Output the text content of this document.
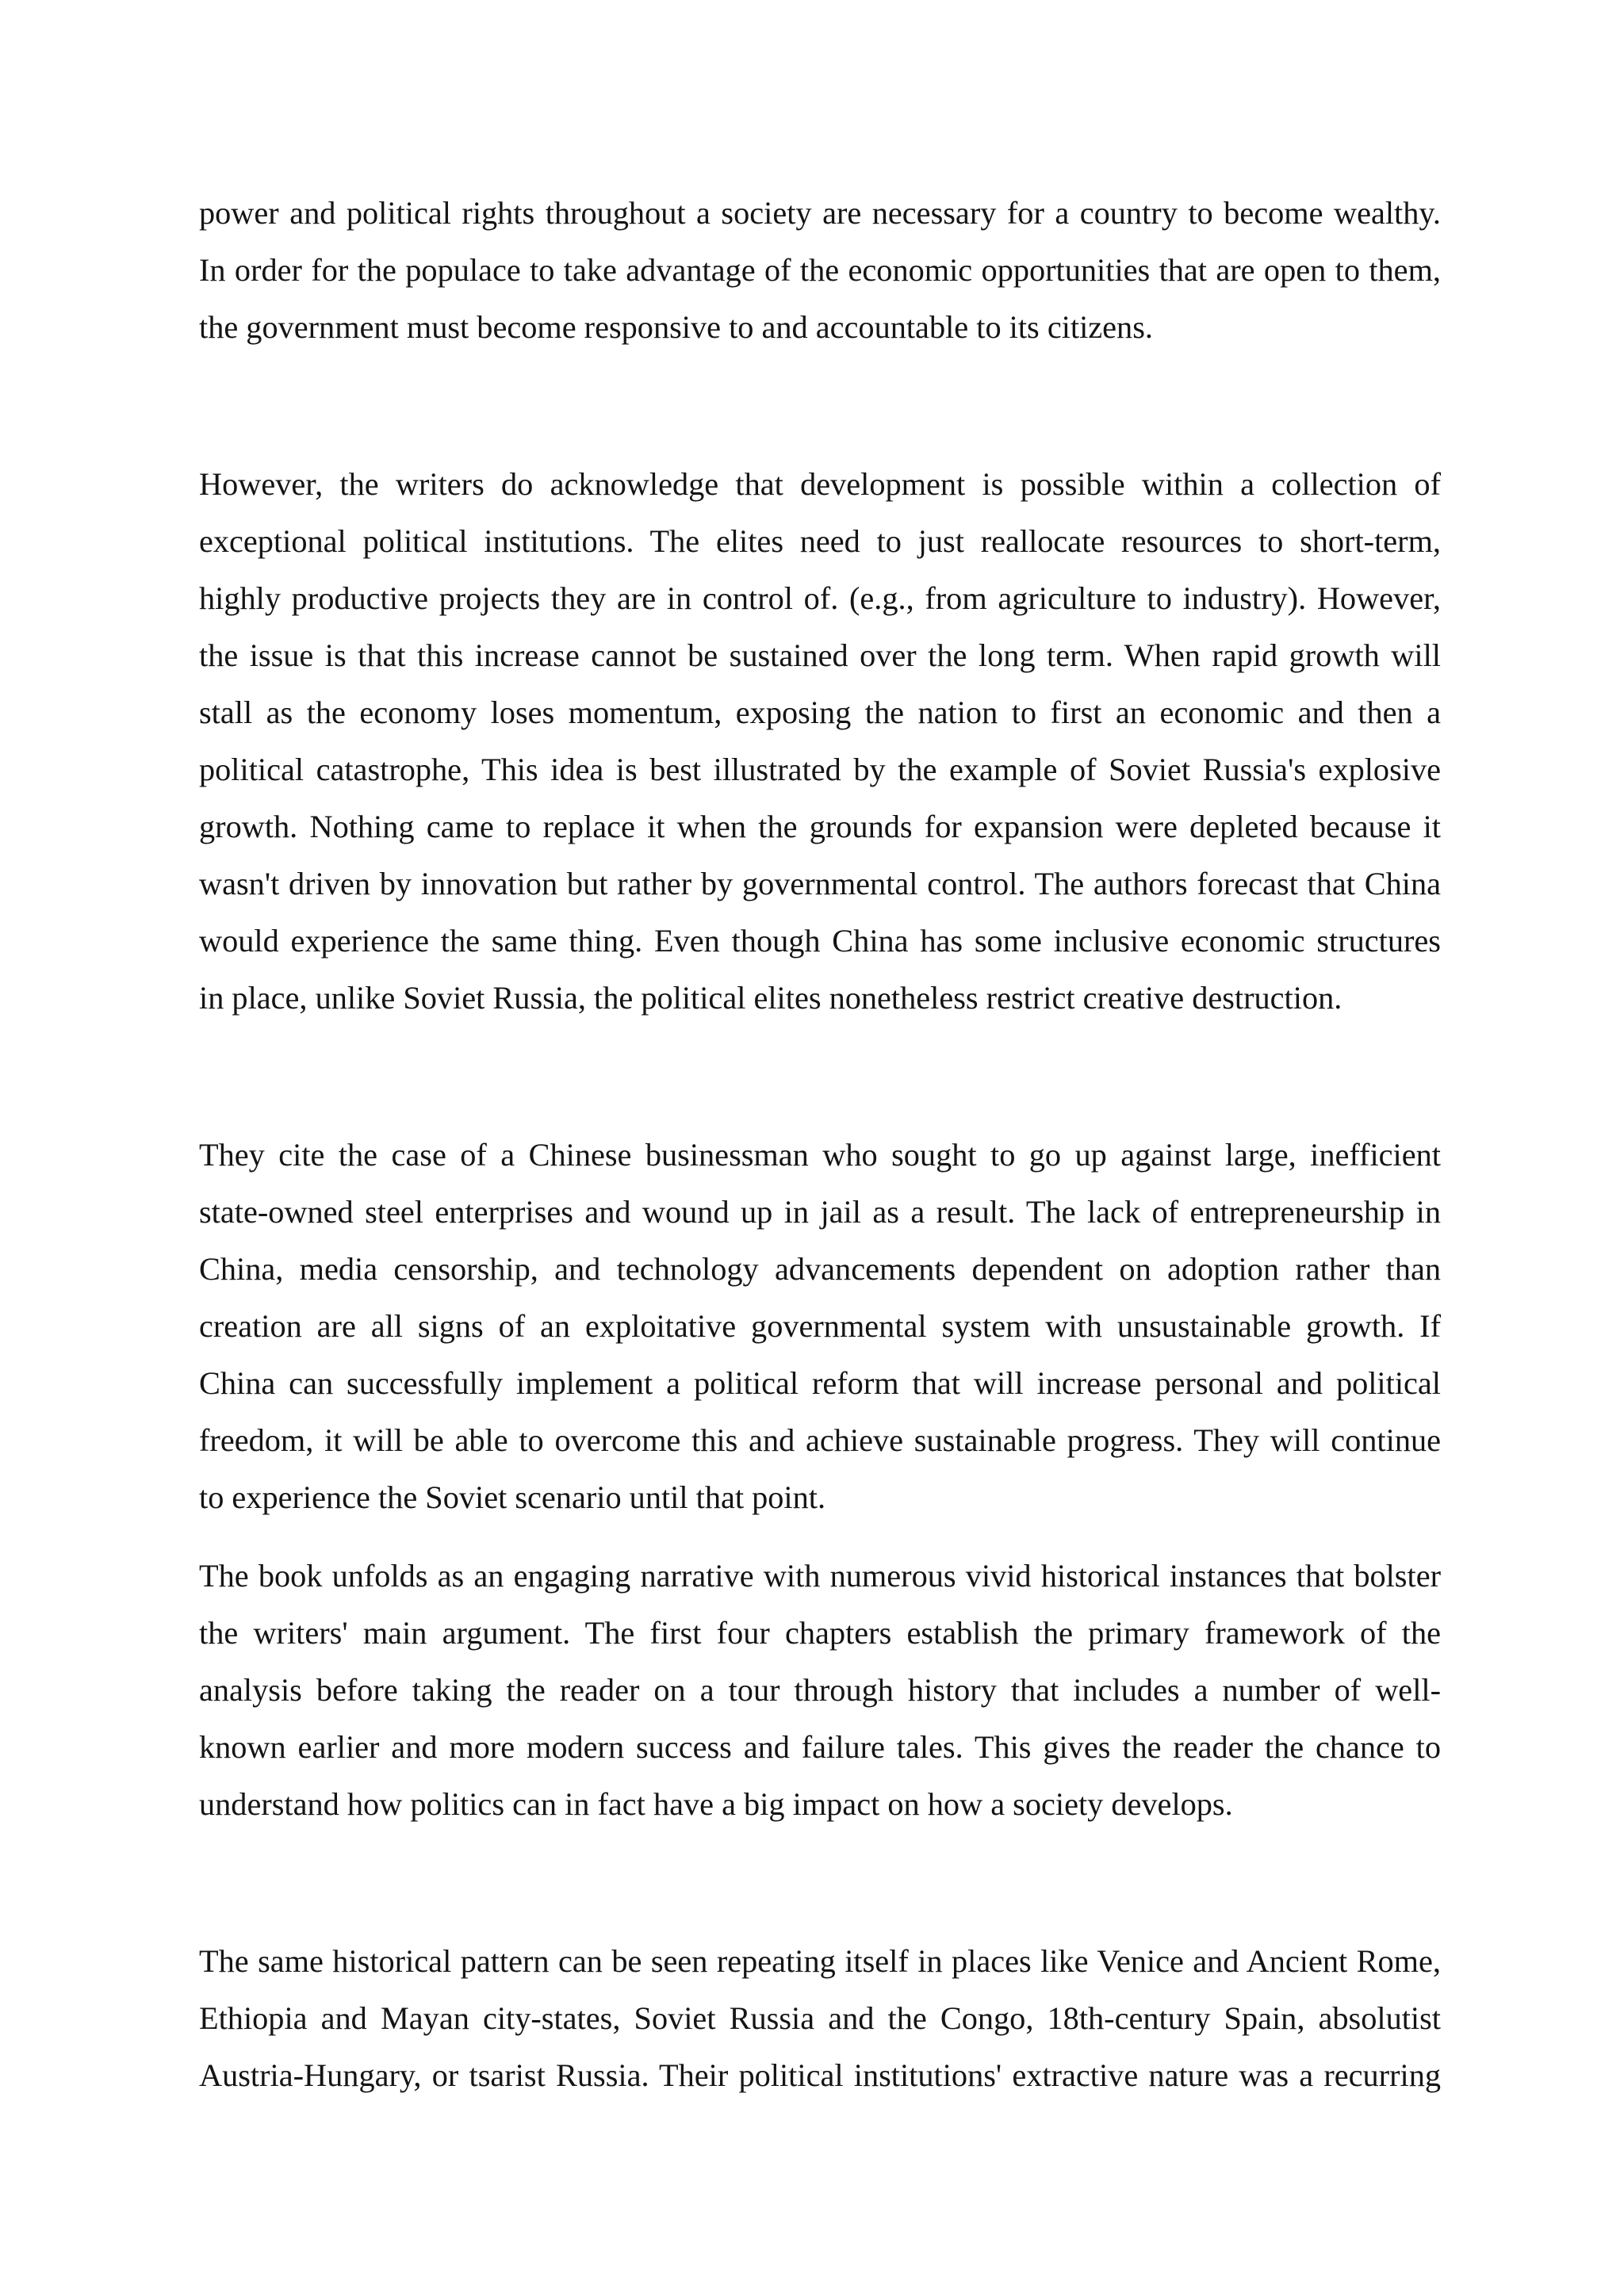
power and political rights throughout a society are necessary for a country to become wealthy.
In order for the populace to take advantage of the economic opportunities that are open to them,
the government must become responsive to and accountable to its citizens.
However, the writers do acknowledge that development is possible within a collection of
exceptional political institutions. The elites need to just reallocate resources to short-term,
highly productive projects they are in control of. (e.g., from agriculture to industry). However,
the issue is that this increase cannot be sustained over the long term. When rapid growth will
stall as the economy loses momentum, exposing the nation to first an economic and then a
political catastrophe, This idea is best illustrated by the example of Soviet Russia's explosive
growth. Nothing came to replace it when the grounds for expansion were depleted because it
wasn't driven by innovation but rather by governmental control. The authors forecast that China
would experience the same thing. Even though China has some inclusive economic structures
in place, unlike Soviet Russia, the political elites nonetheless restrict creative destruction.
They cite the case of a Chinese businessman who sought to go up against large, inefficient
state-owned steel enterprises and wound up in jail as a result. The lack of entrepreneurship in
China, media censorship, and technology advancements dependent on adoption rather than
creation are all signs of an exploitative governmental system with unsustainable growth. If
China can successfully implement a political reform that will increase personal and political
freedom, it will be able to overcome this and achieve sustainable progress. They will continue
to experience the Soviet scenario until that point.
The book unfolds as an engaging narrative with numerous vivid historical instances that bolster
the writers' main argument. The first four chapters establish the primary framework of the
analysis before taking the reader on a tour through history that includes a number of well-
known earlier and more modern success and failure tales. This gives the reader the chance to
understand how politics can in fact have a big impact on how a society develops.
The same historical pattern can be seen repeating itself in places like Venice and Ancient Rome,
Ethiopia and Mayan city-states, Soviet Russia and the Congo, 18th-century Spain, absolutist
Austria-Hungary, or tsarist Russia. Their political institutions' extractive nature was a recurring
